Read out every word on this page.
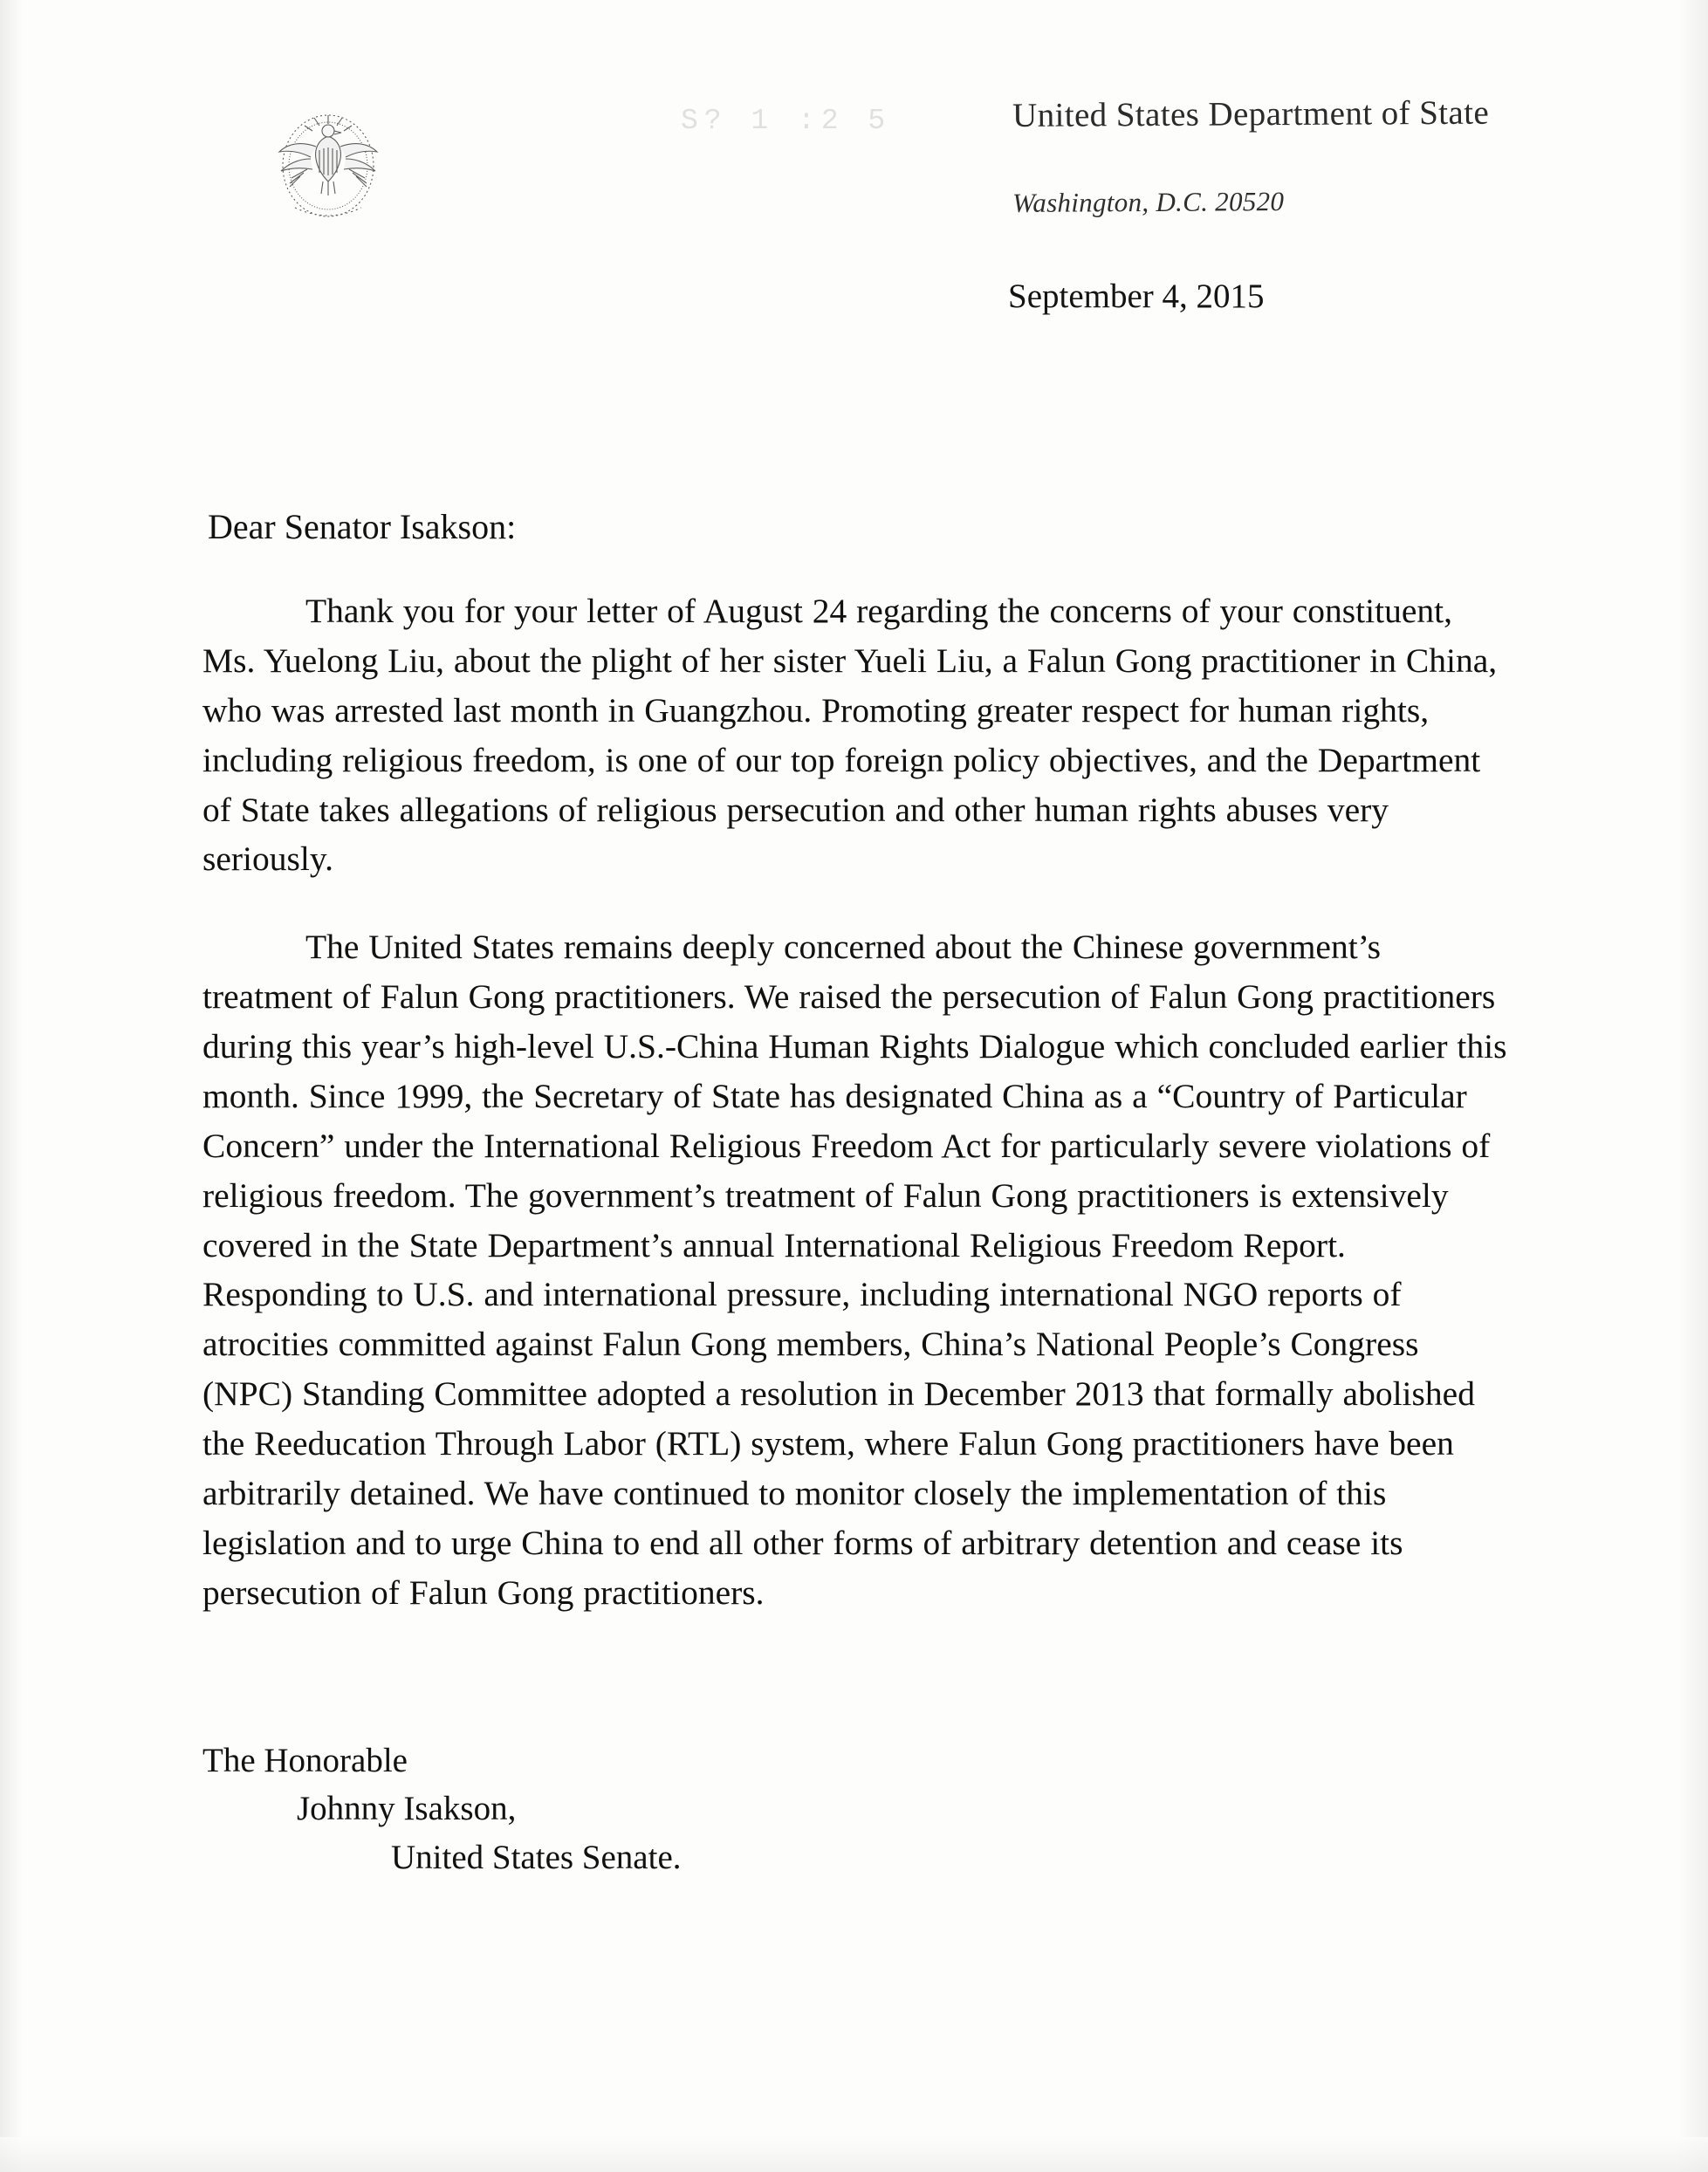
S? 1 :2 5	United States Department of State
Washington, D.C. 20520
September 4, 2015
Dear Senator Isakson:

Thank you for your letter of August 24 regarding the concerns of your constituent, Ms. Yuelong Liu, about the plight of her sister Yueli Liu, a Falun Gong practitioner in China, who was arrested last month in Guangzhou. Promoting greater respect for human rights, including religious freedom, is one of our top foreign policy objectives, and the Department of State takes allegations of religious persecution and other human rights abuses very seriously.

The United States remains deeply concerned about the Chinese government’s treatment of Falun Gong practitioners. We raised the persecution of Falun Gong practitioners during this year’s high-level U.S.-China Human Rights Dialogue which concluded earlier this month. Since 1999, the Secretary of State has designated China as a “Country of Particular Concern” under the International Religious Freedom Act for particularly severe violations of religious freedom. The government’s treatment of Falun Gong practitioners is extensively covered in the State Department’s annual International Religious Freedom Report. Responding to U.S. and international pressure, including international NGO reports of atrocities committed against Falun Gong members, China’s National People’s Congress (NPC) Standing Committee adopted a resolution in December 2013 that formally abolished the Reeducation Through Labor (RTL) system, where Falun Gong practitioners have been arbitrarily detained. We have continued to monitor closely the implementation of this legislation and to urge China to end all other forms of arbitrary detention and cease its persecution of Falun Gong practitioners.

The Honorable
Johnny Isakson,
United States Senate.
